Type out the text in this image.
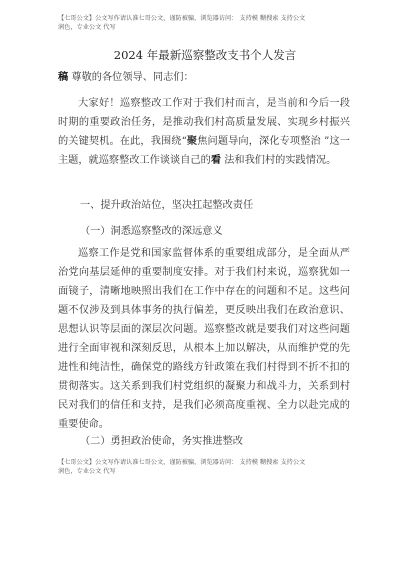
【七哥公文】公文写作请认准七哥公文，谨防被骗，浏览器访问： 支持模 糊搜索 支持公文
润色，专业公文 代写
2024 年最新巡察整改支书个人发言
稿 尊敬的各位领导、同志们：
大家好！巡察整改工作对于我们村而言，是当前和今后一段时期的重要政治任务，是推动我们村高质量发展、实现乡村振兴的关键契机。在此，我围绕“聚焦问题导向，深化专项整治 ”这一主题，就巡察整改工作谈谈自己的看 法和我们村的实践情况。
一、提升政治站位，坚决扛起整改责任
（一）洞悉巡察整改的深远意义
巡察工作是党和国家监督体系的重要组成部分，是全面从严治党向基层延伸的重要制度安排。对于我们村来说，巡察犹如一面镜子，清晰地映照出我们在工作中存在的问题和不足。这些问题不仅涉及到具体事务的执行偏差，更反映出我们在政治意识、思想认识等层面的深层次问题。巡察整改就是要我们对这些问题进行全面审视和深刻反思，从根本上加以解决，从而维护党的先进性和纯洁性，确保党的路线方针政策在我们村得到不折不扣的贯彻落实。这关系到我们村党组织的凝聚力和战斗力，关系到村民对我们的信任和支持，是我们必须高度重视、全力以赴完成的重要使命。
（二）勇担政治使命，务实推进整改
【七哥公文】公文写作请认准七哥公文，谨防被骗，浏览器访问： 支持模 糊搜索 支持公文
润色，专业公文 代写
